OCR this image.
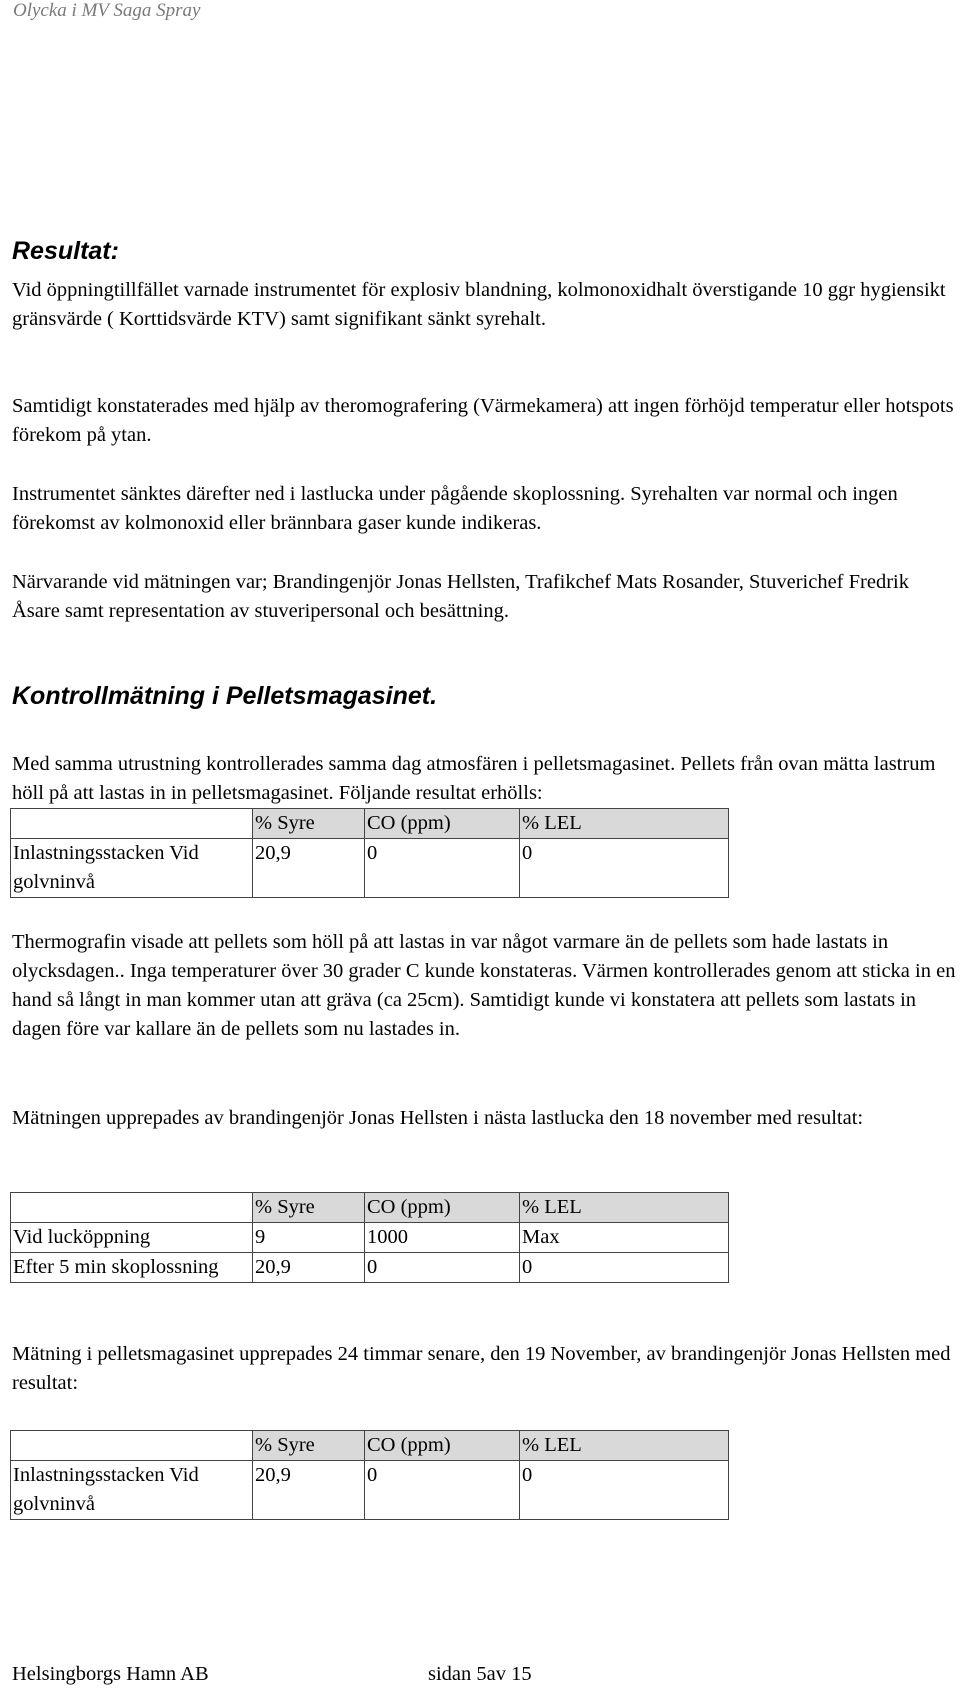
Olycka i MV Saga Spray
Resultat:

Vid öppningtillfället varnade instrumentet för explosiv blandning, kolmonoxidhalt överstigande 10 ggr hygiensikt gränsvärde ( Korttidsvärde KTV) samt signifikant sänkt syrehalt.

Samtidigt konstaterades med hjälp av theromografering (Värmekamera) att ingen förhöjd temperatur eller hotspots förekom på ytan.

Instrumentet sänktes därefter ned i lastlucka under pågående skoplossning. Syrehalten var normal och ingen förekomst av kolmonoxid eller brännbara gaser kunde indikeras.

Närvarande vid mätningen var; Brandingenjör Jonas Hellsten, Trafikchef Mats Rosander, Stuverichef Fredrik Åsare samt representation av stuveripersonal och besättning.

Kontrollmätning i Pelletsmagasinet.

Med samma utrustning kontrollerades samma dag atmosfären i pelletsmagasinet. Pellets från ovan mätta lastrum höll på att lastas in in pelletsmagasinet. Följande resultat erhölls:

	% Syre	CO (ppm)	% LEL
Inlastningsstacken Vid golvninvå	20,9	0	0

Thermografin visade att pellets som höll på att lastas in var något varmare än de pellets som hade lastats in olycksdagen.. Inga temperaturer över 30 grader C kunde konstateras. Värmen kontrollerades genom att sticka in en hand så långt in man kommer utan att gräva (ca 25cm). Samtidigt kunde vi konstatera att pellets som lastats in dagen före var kallare än de pellets som nu lastades in.

Mätningen upprepades av brandingenjör Jonas Hellsten i nästa lastlucka den 18 november med resultat:

	% Syre	CO (ppm)	% LEL
Vid lucköppning	9	1000	Max
Efter 5 min skoplossning	20,9	0	0

Mätning i pelletsmagasinet upprepades 24 timmar senare, den 19 November, av brandingenjör Jonas Hellsten med resultat:

	% Syre	CO (ppm)	% LEL
Inlastningsstacken Vid golvninvå	20,9	0	0
Helsingborgs Hamn AB	sidan 5av 15
